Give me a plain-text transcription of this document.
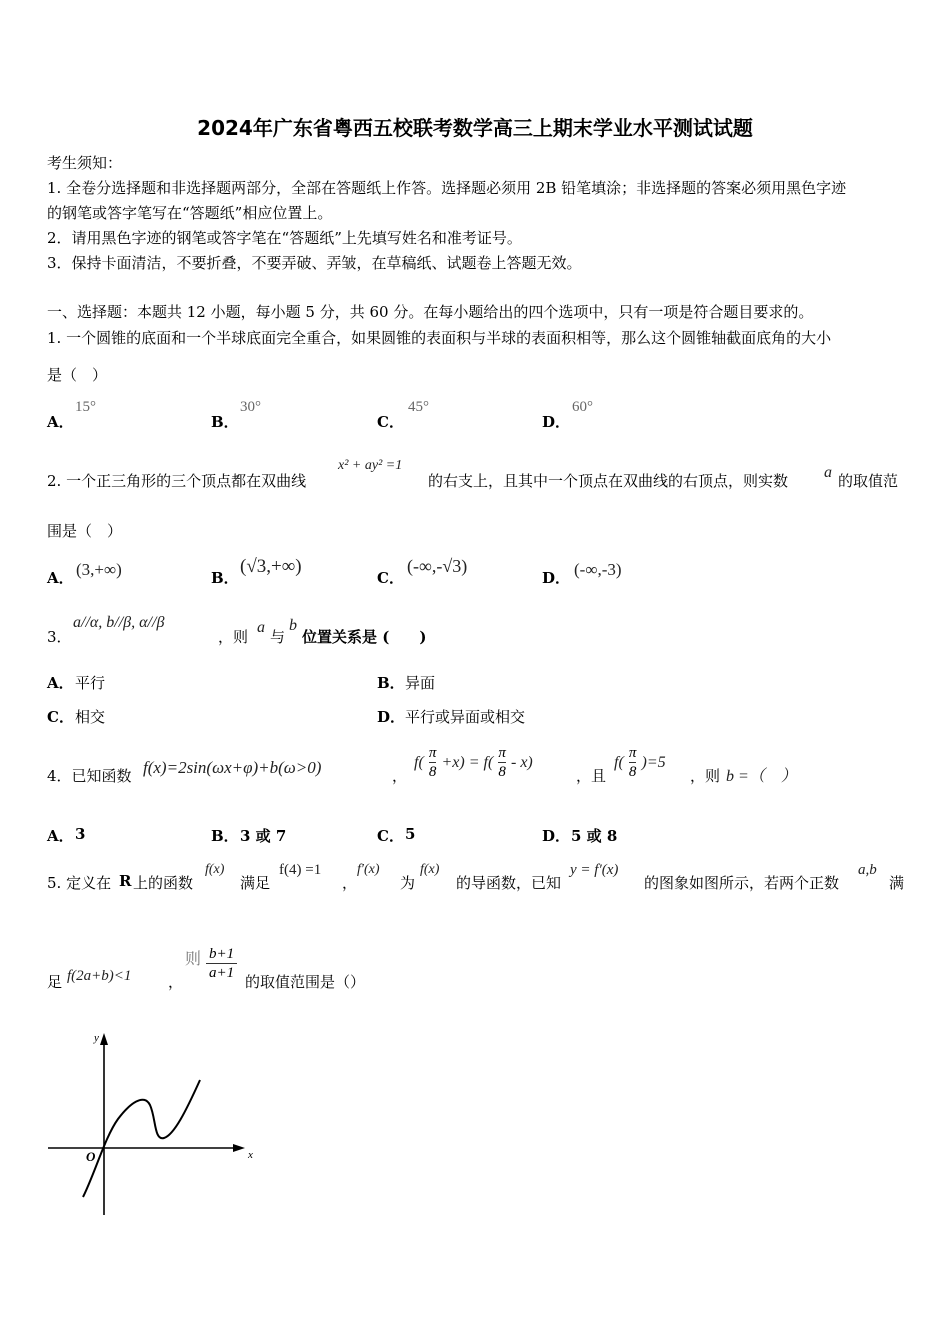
2024年广东省粤西五校联考数学高三上期末学业水平测试试题
考生须知：
1. 全卷分选择题和非选择题两部分，全部在答题纸上作答。选择题必须用 2B 铅笔填涂；非选择题的答案必须用黑色字迹
的钢笔或答字笔写在“答题纸”相应位置上。
2．请用黑色字迹的钢笔或答字笔在“答题纸”上先填写姓名和准考证号。
3．保持卡面清洁，不要折叠，不要弄破、弄皱，在草稿纸、试题卷上答题无效。
一、选择题：本题共 12 小题，每小题 5 分，共 60 分。在每小题给出的四个选项中，只有一项是符合题目要求的。
1. 一个圆锥的底面和一个半球底面完全重合，如果圆锥的表面积与半球的表面积相等，那么这个圆锥轴截面底角的大小
是（　）
A．
15°
B．
30°
C．
45°
D．
60°
2. 一个正三角形的三个顶点都在双曲线
x² + ay² =1
的右支上，且其中一个顶点在双曲线的右顶点，则实数 a 的取值范
围是（　）
A． (3,+∞)	B．
(√3,+∞)
C．
(-∞,-√3)
D． (-∞,-3)
3．
a//α, b//β, α//β
，则
a
与
b
位置关系是 (　　)
A． 平行	B． 异面
C． 相交	D． 平行或异面或相交
4．已知函数 f(x)=2sin(ωx+φ)+b(ω>0)	，
$f( \frac{\pi}{8} +x) = f( \frac{\pi}{8} - x)$
，且
$f( \frac{\pi}{8} )=5$
，则 b =（　）
A． 3	B． 3 或 7	C． 5	D． 5 或 8
5. 定义在 R 上的函数
f(x)
满足
f(4) =1
，
f′(x)
为
f(x)
的导函数，已知
y = f′(x)
的图象如图所示，若两个正数
a,b
满
足 f(2a+b)<1 ，
则 $\frac{b+1}{a+1}$ 的取值范围是（）
x
y
O
